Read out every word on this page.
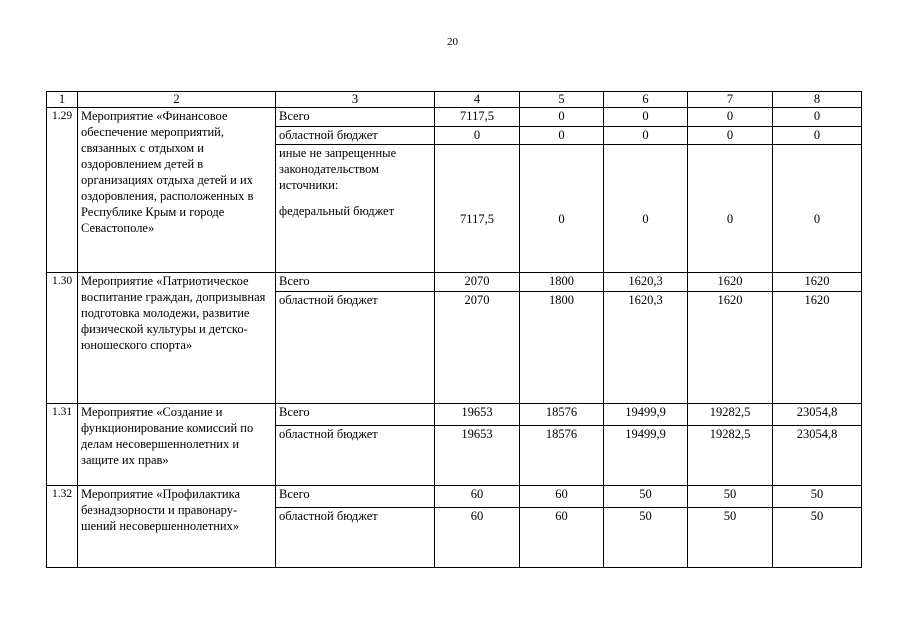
20
1	2	3	4	5	6	7	8
1.29	Мероприятие «Финансовое обеспечение мероприятий, связанных с отдыхом и оздоровлением детей в организациях отдыха детей и их оздоровления, расположенных в Республике Крым и городе Севастополе»	Всего	7117,5	0	0	0	0
		областной бюджет	0	0	0	0	0
		иные не запрещенные законодательством источники:
федеральный бюджет	7117,5	0	0	0	0
1.30	Мероприятие «Патриотическое воспитание граждан, допризывная подготовка молодежи, развитие физической культуры и детско-юношеского спорта»	Всего	2070	1800	1620,3	1620	1620
		областной бюджет	2070	1800	1620,3	1620	1620
1.31	Мероприятие «Создание и функционирование комиссий по делам несовершеннолетних и защите их прав»	Всего	19653	18576	19499,9	19282,5	23054,8
		областной бюджет	19653	18576	19499,9	19282,5	23054,8
1.32	Мероприятие «Профилактика безнадзорности и правонару-шений несовершеннолетних»	Всего	60	60	50	50	50
		областной бюджет	60	60	50	50	50
